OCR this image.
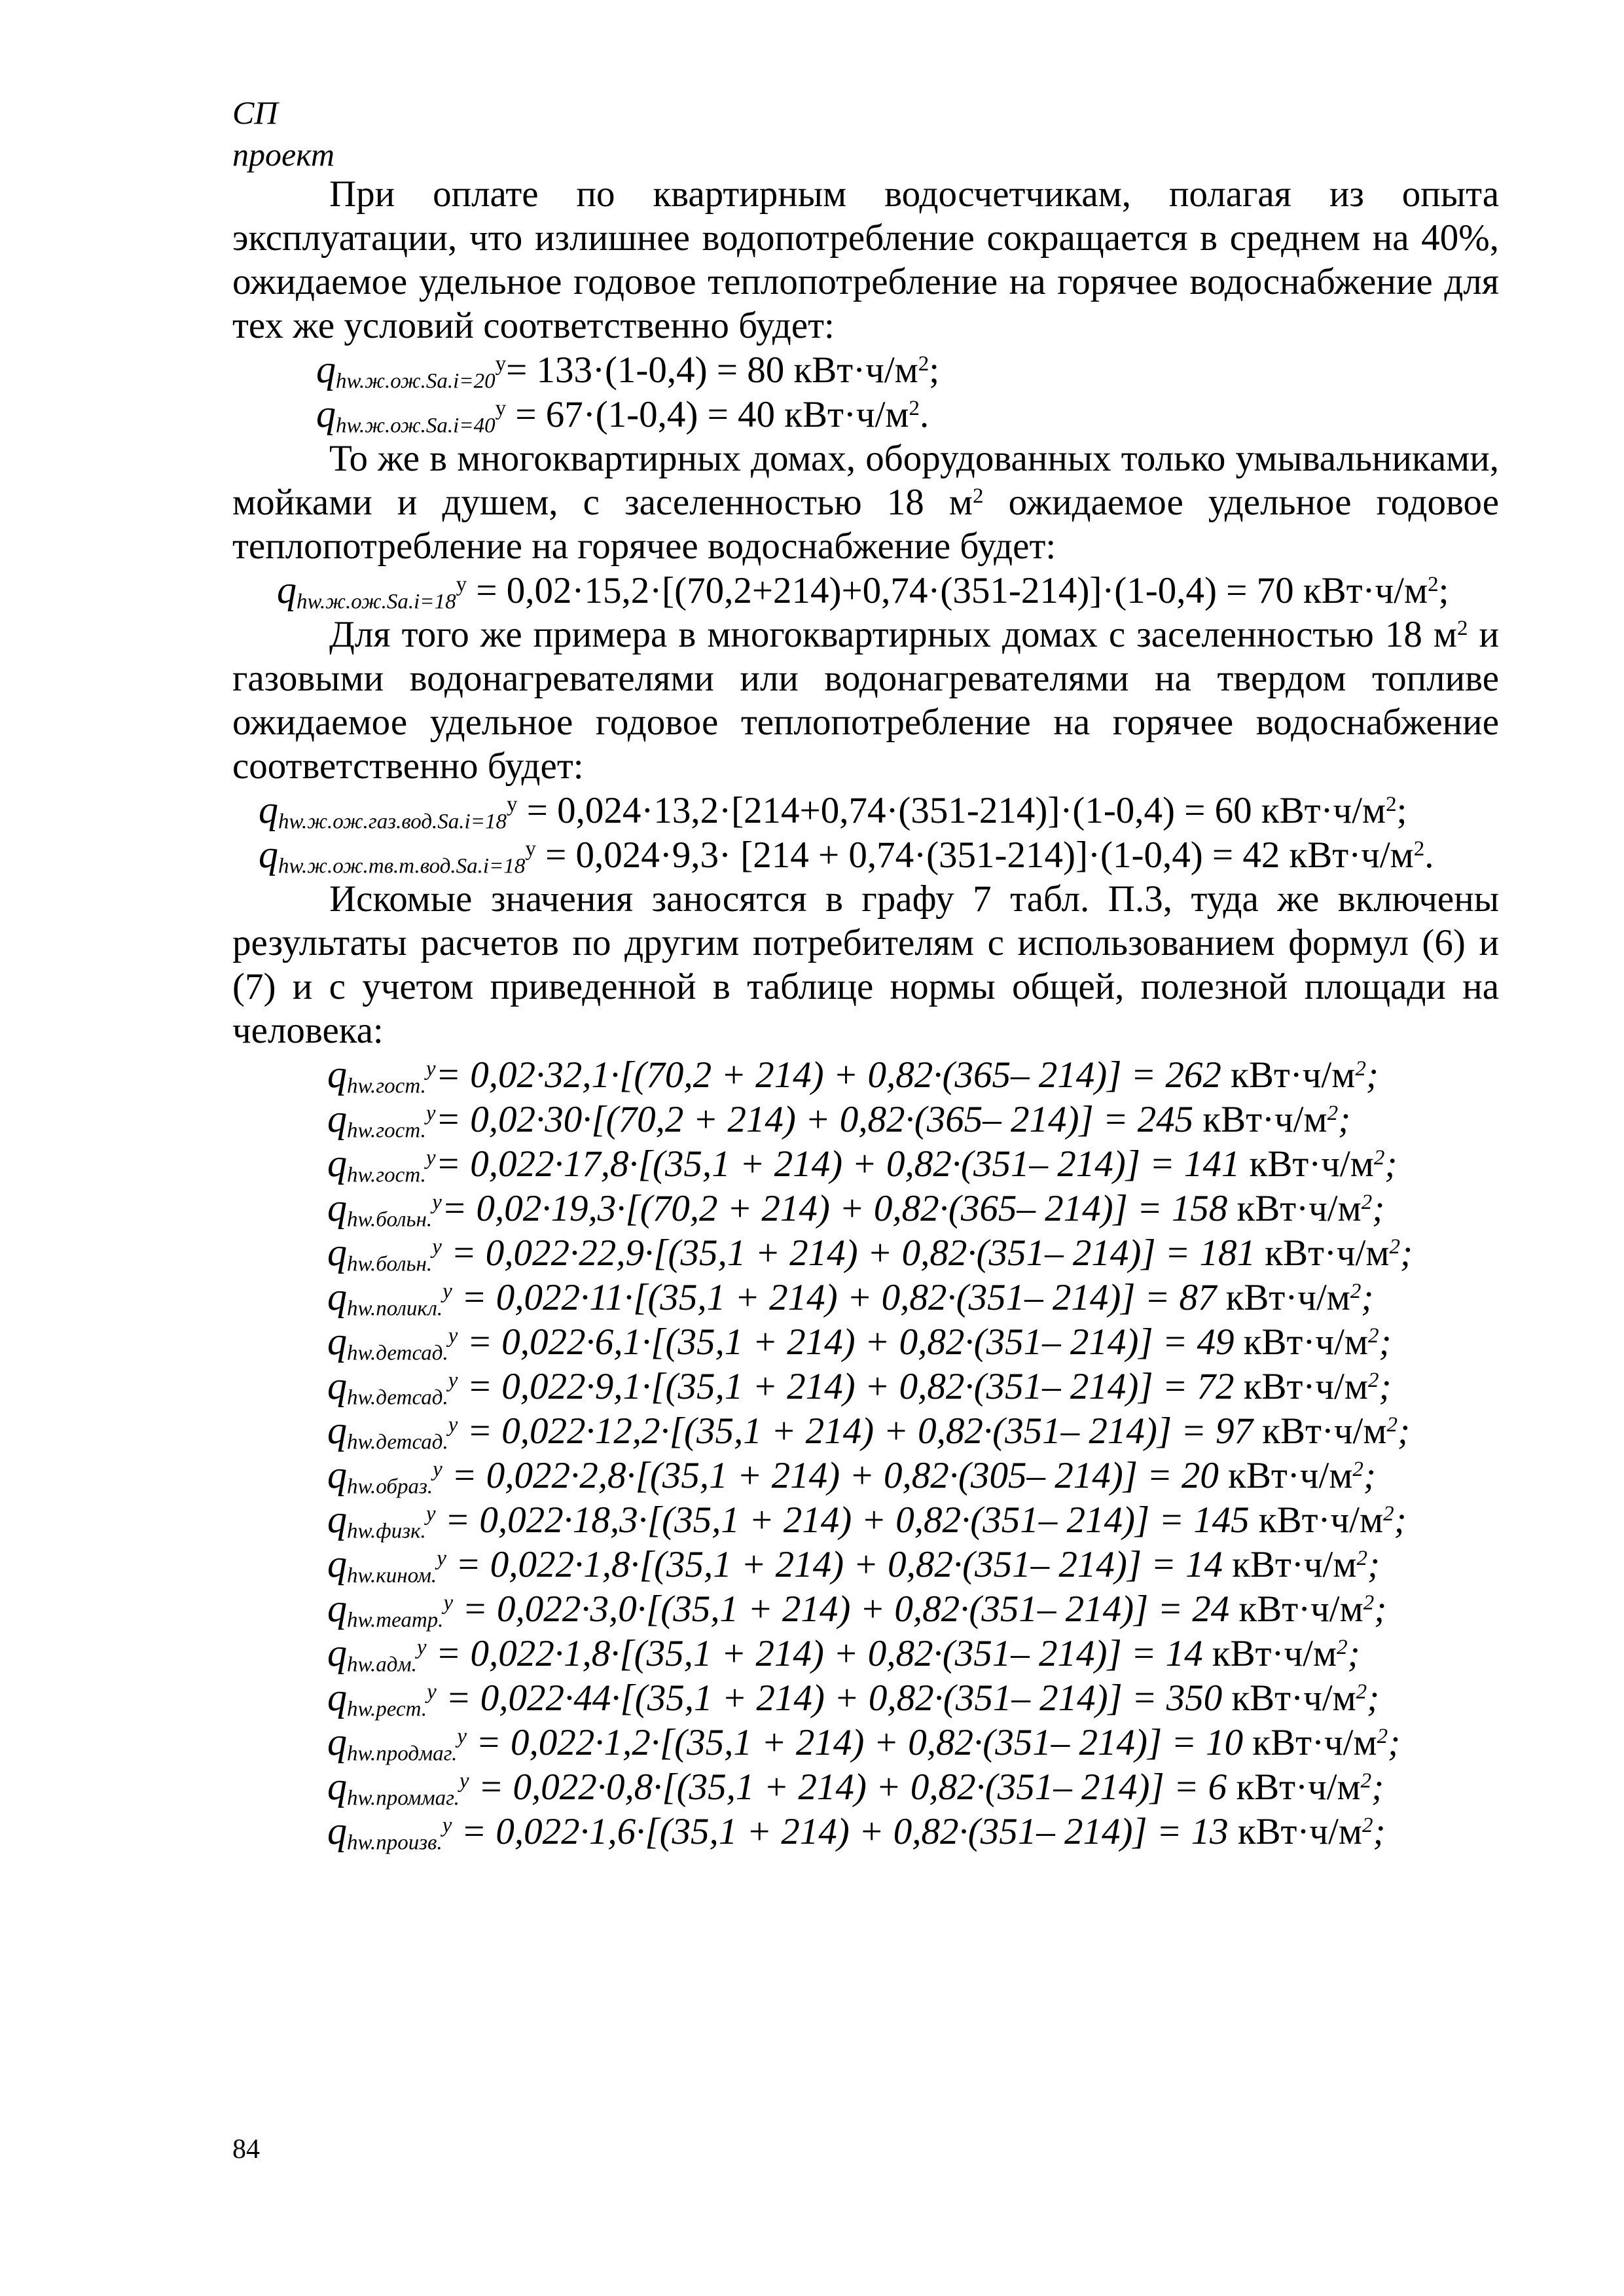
СП
проект

При оплате по квартирным водосчетчикам, полагая из опыта эксплуатации, что излишнее водопотребление сокращается в среднем на 40%, ожидаемое удельное годовое теплопотребление на горячее водоснабжение для тех же условий соответственно будет:

$q_{hw.ж.ож.Sa.i=20}^у= 133\cdot(1-0,4) = 80$ $кВт\cdot ч/м^2$;

$q_{hw.ж.ож.Sa.i=40}^у = 67\cdot(1-0,4) = 40$ $кВт\cdot ч/м^2$.

То же в многоквартирных домах, оборудованных только умывальниками, мойками и душем, с заселенностью 18 $м^2$ ожидаемое удельное годовое теплопотребление на горячее водоснабжение будет:

$q_{hw.ж.ож.Sa.i=18}^у = 0,02\cdot 15,2\cdot[(70,2+214)+0,74\cdot(351-214)]\cdot(1-0,4) = 70$ $кВт\cdot ч/м^2$;

Для того же примера в многоквартирных домах с заселенностью 18 $м^2$ и газовыми водонагревателями или водонагревателями на твердом топливе ожидаемое удельное годовое теплопотребление на горячее водоснабжение соответственно будет:

$q_{hw.ж.ож.газ.вод.Sa.i=18}^у = 0,024\cdot 13,2\cdot[214+0,74\cdot(351-214)]\cdot(1-0,4) = 60$ $кВт\cdot ч/м^2$;

$q_{hw.ж.ож.тв.т.вод.Sa.i=18}^у = 0,024\cdot 9,3\cdot [214 + 0,74\cdot(351-214)]\cdot(1-0,4) = 42$ $кВт\cdot ч/м^2$.

Искомые значения заносятся в графу 7 табл. П.3, туда же включены результаты расчетов по другим потребителям с использованием формул (6) и (7) и с учетом приведенной в таблице нормы общей, полезной площади на человека:

$q_{hw.гост.}^у= 0,02\cdot 32,1\cdot[(70,2 + 214) + 0,82\cdot(365-$ 214)] = 262 $кВт\cdot ч/м^2$;

$q_{hw.гост.}^у= 0,02\cdot 30\cdot[(70,2 + 214) + 0,82\cdot(365-$ 214)] = 245 $кВт\cdot ч/м^2$;

$q_{hw.гост.}^у= 0,022\cdot 17,8\cdot[(35,1 + 214) + 0,82\cdot(351-$ 214)] = 141 $кВт\cdot ч/м^2$;

$q_{hw.больн.}^у= 0,02\cdot 19,3\cdot[(70,2 + 214) + 0,82\cdot(365-$ 214)] = 158 $кВт\cdot ч/м^2$;

$q_{hw.больн.}^у = 0,022\cdot 22,9\cdot[(35,1 + 214) + 0,82\cdot(351-$ 214)] = 181 $кВт\cdot ч/м^2$;

$q_{hw.поликл.}^у = 0,022\cdot 11\cdot[(35,1 + 214) + 0,82\cdot(351-$ 214)] = 87 $кВт\cdot ч/м^2$;

$q_{hw.детсад.}^у = 0,022\cdot 6,1\cdot[(35,1 + 214) + 0,82\cdot(351-$ 214)] = 49 $кВт\cdot ч/м^2$;

$q_{hw.детсад.}^у = 0,022\cdot 9,1\cdot[(35,1 + 214) + 0,82\cdot(351-$ 214)] = 72 $кВт\cdot ч/м^2$;

$q_{hw.детсад.}^у = 0,022\cdot 12,2\cdot[(35,1 + 214) + 0,82\cdot(351-$ 214)] = 97 $кВт\cdot ч/м^2$;

$q_{hw.образ.}^у = 0,022\cdot 2,8\cdot[(35,1 + 214) + 0,82\cdot(305-$ 214)] = 20 $кВт\cdot ч/м^2$;

$q_{hw.физк.}^у = 0,022\cdot 18,3\cdot[(35,1 + 214) + 0,82\cdot(351-$ 214)] = 145 $кВт\cdot ч/м^2$;

$q_{hw.кином.}^у = 0,022\cdot 1,8\cdot[(35,1 + 214) + 0,82\cdot(351-$ 214)] = 14 $кВт\cdot ч/м^2$;

$q_{hw.театр.}^у = 0,022\cdot 3,0\cdot[(35,1 + 214) + 0,82\cdot(351-$ 214)] = 24 $кВт\cdot ч/м^2$;

$q_{hw.адм.}^у = 0,022\cdot 1,8\cdot[(35,1 + 214) + 0,82\cdot(351-$ 214)] = 14 $кВт\cdot ч/м^2$;

$q_{hw.рест.}^у = 0,022\cdot 44\cdot[(35,1 + 214) + 0,82\cdot(351-$ 214)] = 350 $кВт\cdot ч/м^2$;

$q_{hw.продмаг.}^у = 0,022\cdot 1,2\cdot[(35,1 + 214) + 0,82\cdot(351-$ 214)] = 10 $кВт\cdot ч/м^2$;

$q_{hw.проммаг.}^у = 0,022\cdot 0,8\cdot[(35,1 + 214) + 0,82\cdot(351-$ 214)] = 6 $кВт\cdot ч/м^2$;

$q_{hw.произв.}^у = 0,022\cdot 1,6\cdot[(35,1 + 214) + 0,82\cdot(351-$ 214)] = 13 $кВт\cdot ч/м^2$;

84
